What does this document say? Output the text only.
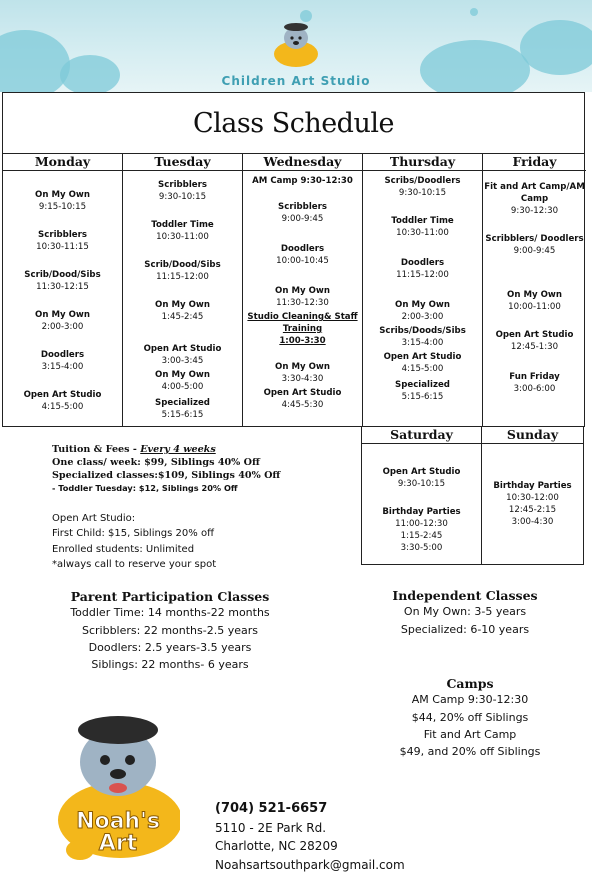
Children Art Studio
Class Schedule
Monday
On My Own
9:15-10:15
Scribblers
10:30-11:15
Scrib/Dood/Sibs
11:30-12:15
On My Own
2:00-3:00
Doodlers
3:15-4:00
Open Art Studio
4:15-5:00
Tuesday
Scribblers
9:30-10:15
Toddler Time
10:30-11:00
Scrib/Dood/Sibs
11:15-12:00
On My Own
1:45-2:45
Open Art Studio
3:00-3:45
On My Own
4:00-5:00
Specialized
5:15-6:15
Wednesday
AM Camp 9:30-12:30
Scribblers
9:00-9:45
Doodlers
10:00-10:45
On My Own
11:30-12:30
Studio Cleaning& Staff Training
1:00-3:30
On My Own
3:30-4:30
Open Art Studio
4:45-5:30
Thursday
Scribs/Doodlers
9:30-10:15
Toddler Time
10:30-11:00
Doodlers
11:15-12:00
On My Own
2:00-3:00
Scribs/Doods/Sibs
3:15-4:00
Open Art Studio
4:15-5:00
Specialized
5:15-6:15
Friday
Fit and Art Camp/AM Camp
9:30-12:30
Scribblers/ Doodlers
9:00-9:45
On My Own
10:00-11:00
Open Art Studio
12:45-1:30
Fun Friday
3:00-6:00
Saturday
Open Art Studio
9:30-10:15
Birthday Parties
11:00-12:30
1:15-2:45
3:30-5:00
Sunday
Birthday Parties
10:30-12:00
12:45-2:15
3:00-4:30
Tuition & Fees - Every 4 weeks
One class/ week: $99, Siblings 40% Off
Specialized classes:$109, Siblings 40% Off
- Toddler Tuesday: $12, Siblings 20% Off
Open Art Studio:
First Child: $15, Siblings 20% off
Enrolled students: Unlimited
*always call to reserve your spot
Parent Participation Classes
Toddler Time: 14 months-22 months
Scribblers: 22 months-2.5 years
Doodlers: 2.5 years-3.5 years
Siblings: 22 months- 6 years
Independent Classes
On My Own: 3-5 years
Specialized: 6-10 years
Camps
AM Camp 9:30-12:30
$44, 20% off Siblings
Fit and Art Camp
$49, and 20% off Siblings
Noah's
Art
(704) 521-6657
5110 - 2E Park Rd.
Charlotte, NC 28209
Noahsartsouthpark@gmail.com
